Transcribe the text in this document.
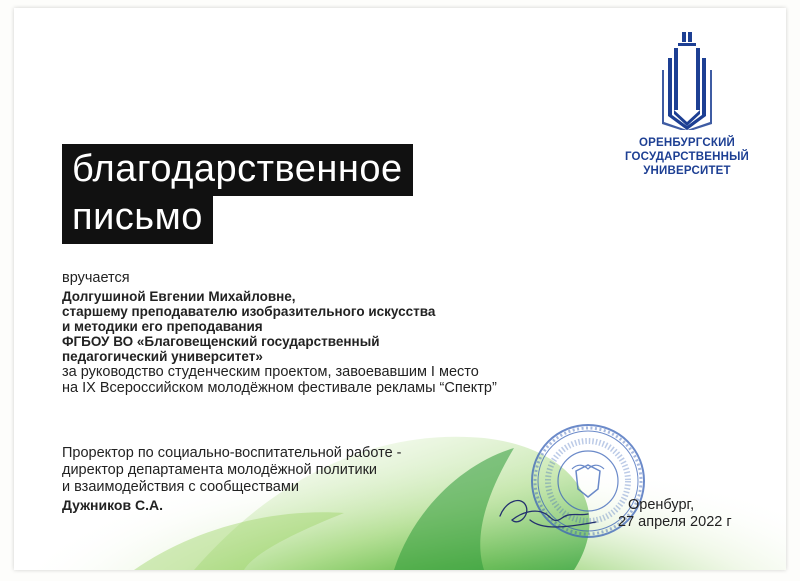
ОРЕНБУРГСКИЙ
ГОСУДАРСТВЕННЫЙ
УНИВЕРСИТЕТ
благодарственное
письмо
вручается
Долгушиной Евгении Михайловне,
старшему преподавателю изобразительного искусства
и методики его преподавания
ФГБОУ ВО «Благовещенский государственный
педагогический университет»
за руководство студенческим проектом, завоевавшим I место
на IX Всероссийском молодёжном фестивале рекламы “Спектр”
Проректор по социально-воспитательной работе -
директор департамента молодёжной политики
и взаимодействия с сообществами
Дужников С.А.	Оренбург,
27 апреля 2022 г
